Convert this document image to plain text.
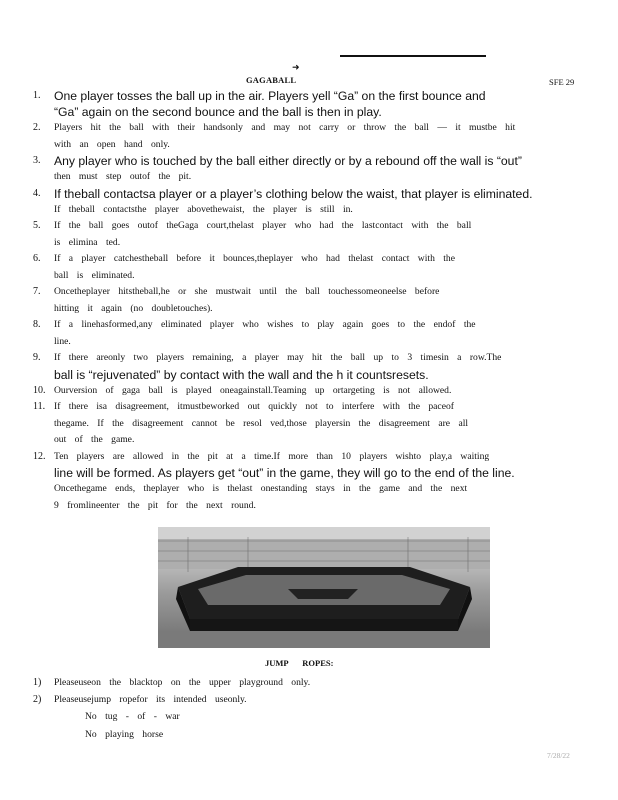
➜
GAGABALL	SFE 29
1.	One player tosses the ball up in the air. Players yell “Ga” on the first bounce and
“Ga” again on the second bounce and the ball is then in play.
2.	Players hit the ball with their handsonly and may not carry or throw the ball — it mustbe hit
with an open hand only.
3.	Any player who is touched by the ball either directly or by a rebound off the wall is “out”
then must step outof the pit.
4.	If theball contactsa player or a player’s clothing below the waist, that player is eliminated.
If theball contactsthe player abovethewaist, the player is still in.
5.	If the ball goes outof theGaga court,thelast player who had the lastcontact with the ball
is elimina ted.
6.	If a player catchestheball before it bounces,theplayer who had thelast contact with the
ball is eliminated.
7.	Oncetheplayer hitstheball,he or she mustwait until the ball touchessomeoneelse before
hitting it again (no doubletouches).
8.	If a linehasformed,any eliminated player who wishes to play again goes to the endof the
line.
9.	If there areonly two players remaining, a player may hit the ball up to 3 timesin a row.The
ball is “rejuvenated” by contact with the wall and the h it countsresets.
10. Ourversion of gaga ball is played oneagainstall.Teaming up ortargeting is not allowed.
11. If there isa disagreement, itmustbeworked out quickly not to interfere with the paceof
thegame. If the disagreement cannot be resol ved,those playersin the disagreement are all
out of the game.
12. Ten players are allowed in the pit at a time.If more than 10 players wishto play,a waiting
line will be formed. As players get “out” in the game, they will go to the end of the line.
Oncethegame ends, theplayer who is thelast onestanding stays in the game and the next
9 fromlineenter the pit for the next round.
JUMP ROPES:
1)	Pleaseuseon the blacktop on the upper playground only.
2)	Pleaseusejump ropefor its intended useonly.
No tug - of - war
No playing horse
7/28/22
